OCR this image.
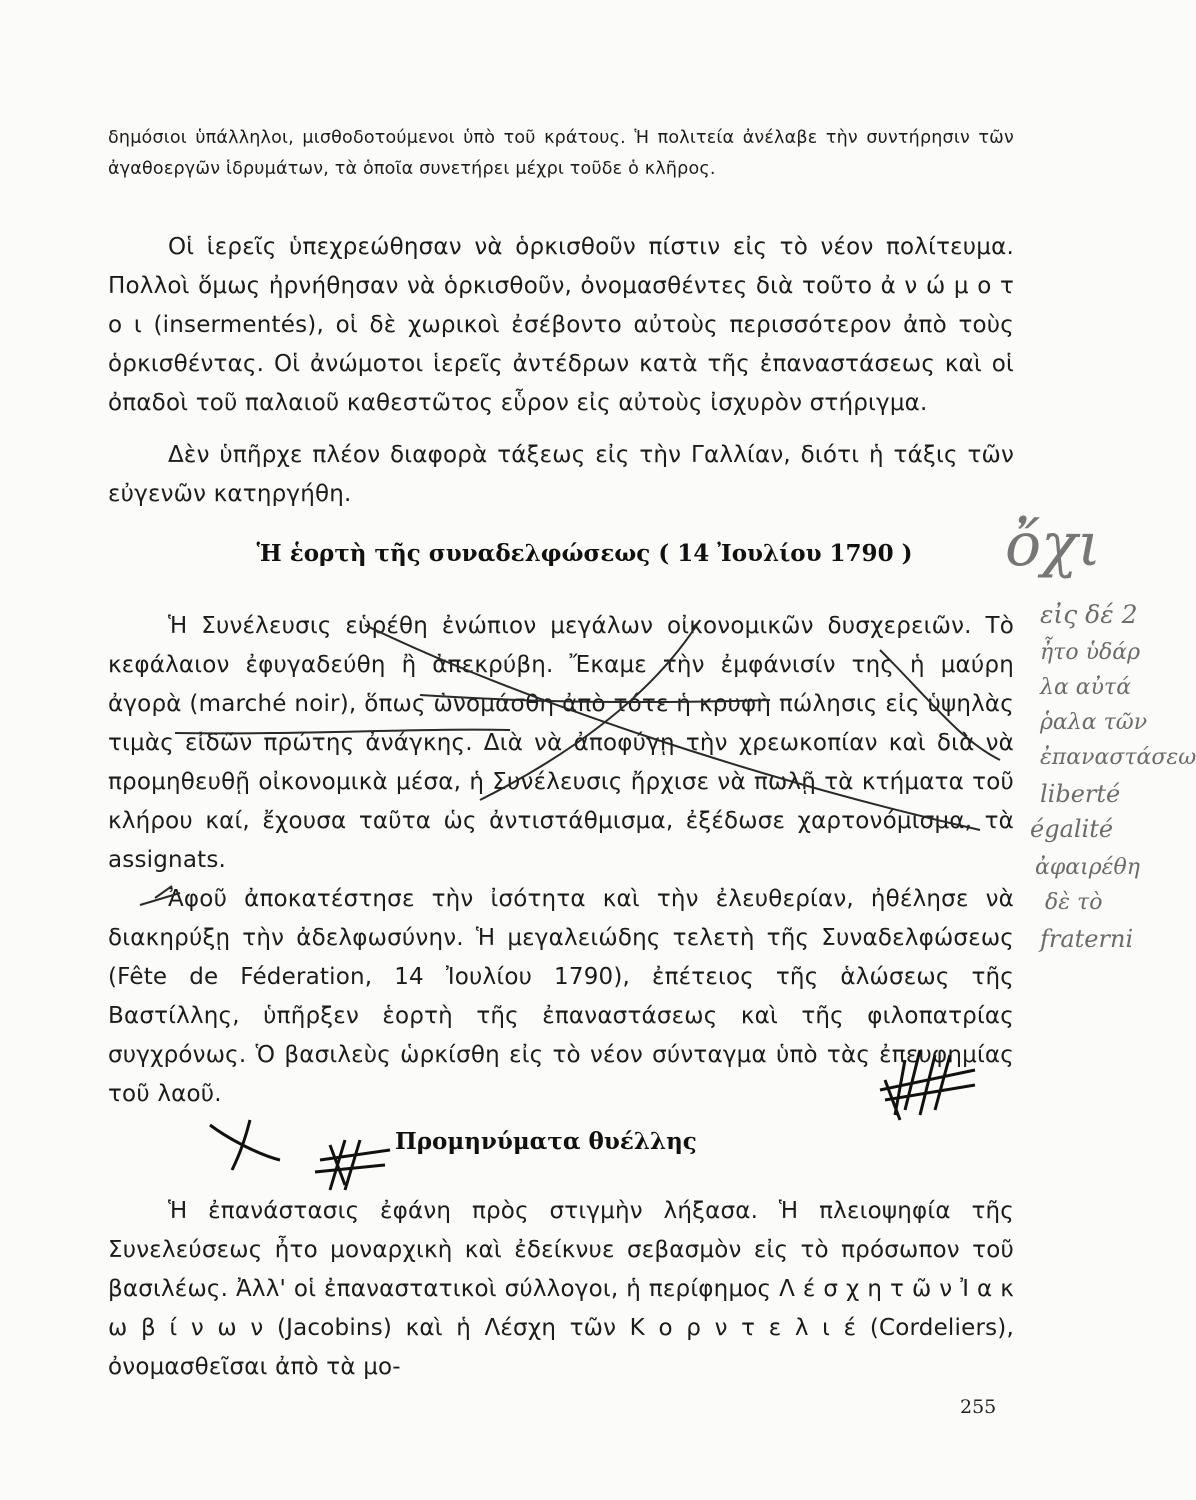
δημόσιοι ὑπάλληλοι, μισθοδοτούμενοι ὑπὸ τοῦ κράτους. Ἡ πολιτεία ἀνέλαβε τὴν συντήρησιν τῶν ἀγαθοεργῶν ἱδρυμάτων, τὰ ὁποῖα συνετήρει μέχρι τοῦδε ὁ κλῆρος.

Οἱ ἱερεῖς ὑπεχρεώθησαν νὰ ὁρκισθοῦν πίστιν εἰς τὸ νέον πολίτευμα. Πολλοὶ ὅμως ἠρνήθησαν νὰ ὁρκισθοῦν, ὀνομασθέντες διὰ τοῦτο ἀ ν ώ μ ο τ ο ι (insermentés), οἱ δὲ χωρικοὶ ἐσέβοντο αὐτοὺς περισσότερον ἀπὸ τοὺς ὁρκισθέντας. Οἱ ἀνώμοτοι ἱερεῖς ἀντέδρων κατὰ τῆς ἐπαναστάσεως καὶ οἱ ὀπαδοὶ τοῦ παλαιοῦ καθεστῶτος εὗρον εἰς αὐτοὺς ἰσχυρὸν στήριγμα.

Δὲν ὑπῆρχε πλέον διαφορὰ τάξεως εἰς τὴν Γαλλίαν, διότι ἡ τάξις τῶν εὐγενῶν κατηργήθη.

Ἡ ἑορτὴ τῆς συναδελφώσεως ( 14 Ἰουλίου 1790 )

Ἡ Συνέλευσις εὑρέθη ἐνώπιον μεγάλων οἰκονομικῶν δυσχερειῶν. Τὸ κεφάλαιον ἐφυγαδεύθη ἢ ἀπεκρύβη. Ἔκαμε τὴν ἐμφάνισίν της ἡ μαύρη ἀγορὰ (marché noir), ὅπως ὠνομάσθη ἀπὸ τότε ἡ κρυφὴ πώλησις εἰς ὑψηλὰς τιμὰς εἰδῶν πρώτης ἀνάγκης. Διὰ νὰ ἀποφύγῃ τὴν χρεωκοπίαν καὶ διὰ νὰ προμηθευθῇ οἰκονομικὰ μέσα, ἡ Συνέλευσις ἤρχισε νὰ πωλῇ τὰ κτήματα τοῦ κλήρου καί, ἔχουσα ταῦτα ὡς ἀντιστάθμισμα, ἐξέδωσε χαρτονόμισμα, τὰ assignats.

Ἀφοῦ ἀποκατέστησε τὴν ἰσότητα καὶ τὴν ἐλευθερίαν, ἠθέλησε νὰ διακηρύξῃ τὴν ἀδελφωσύνην. Ἡ μεγαλειώδης τελετὴ τῆς Συναδελφώσεως (Fête de Féderation, 14 Ἰουλίου 1790), ἐπέτειος τῆς ἁλώσεως τῆς Βαστίλλης, ὑπῆρξεν ἑορτὴ τῆς ἐπαναστάσεως καὶ τῆς φιλοπατρίας συγχρόνως. Ὁ βασιλεὺς ὡρκίσθη εἰς τὸ νέον σύνταγμα ὑπὸ τὰς ἐπευφημίας τοῦ λαοῦ.

Προμηνύματα θυέλλης

Ἡ ἐπανάστασις ἐφάνη πρὸς στιγμὴν λήξασα. Ἡ πλειοψηφία τῆς Συνελεύσεως ἦτο μοναρχικὴ καὶ ἐδείκνυε σεβασμὸν εἰς τὸ πρόσωπον τοῦ βασιλέως. Ἀλλ' οἱ ἐπαναστατικοὶ σύλλογοι, ἡ περίφημος Λ έ σ χ η τ ῶ ν Ἰ α κ ω β ί ν ω ν (Jacobins) καὶ ἡ Λέσχη τῶν Κ ο ρ ν τ ε λ ι έ (Cordeliers), ὀνομασθεῖσαι ἀπὸ τὰ μο-

255
ὄχι
εἰς δέ 2
ἦτο ὑδάρ
λα αὐτά
ῥαλα τῶν
ἐπαναστάσεω
liberté
égalité
ἀφαιρέθη
δὲ τὸ
fraterni
